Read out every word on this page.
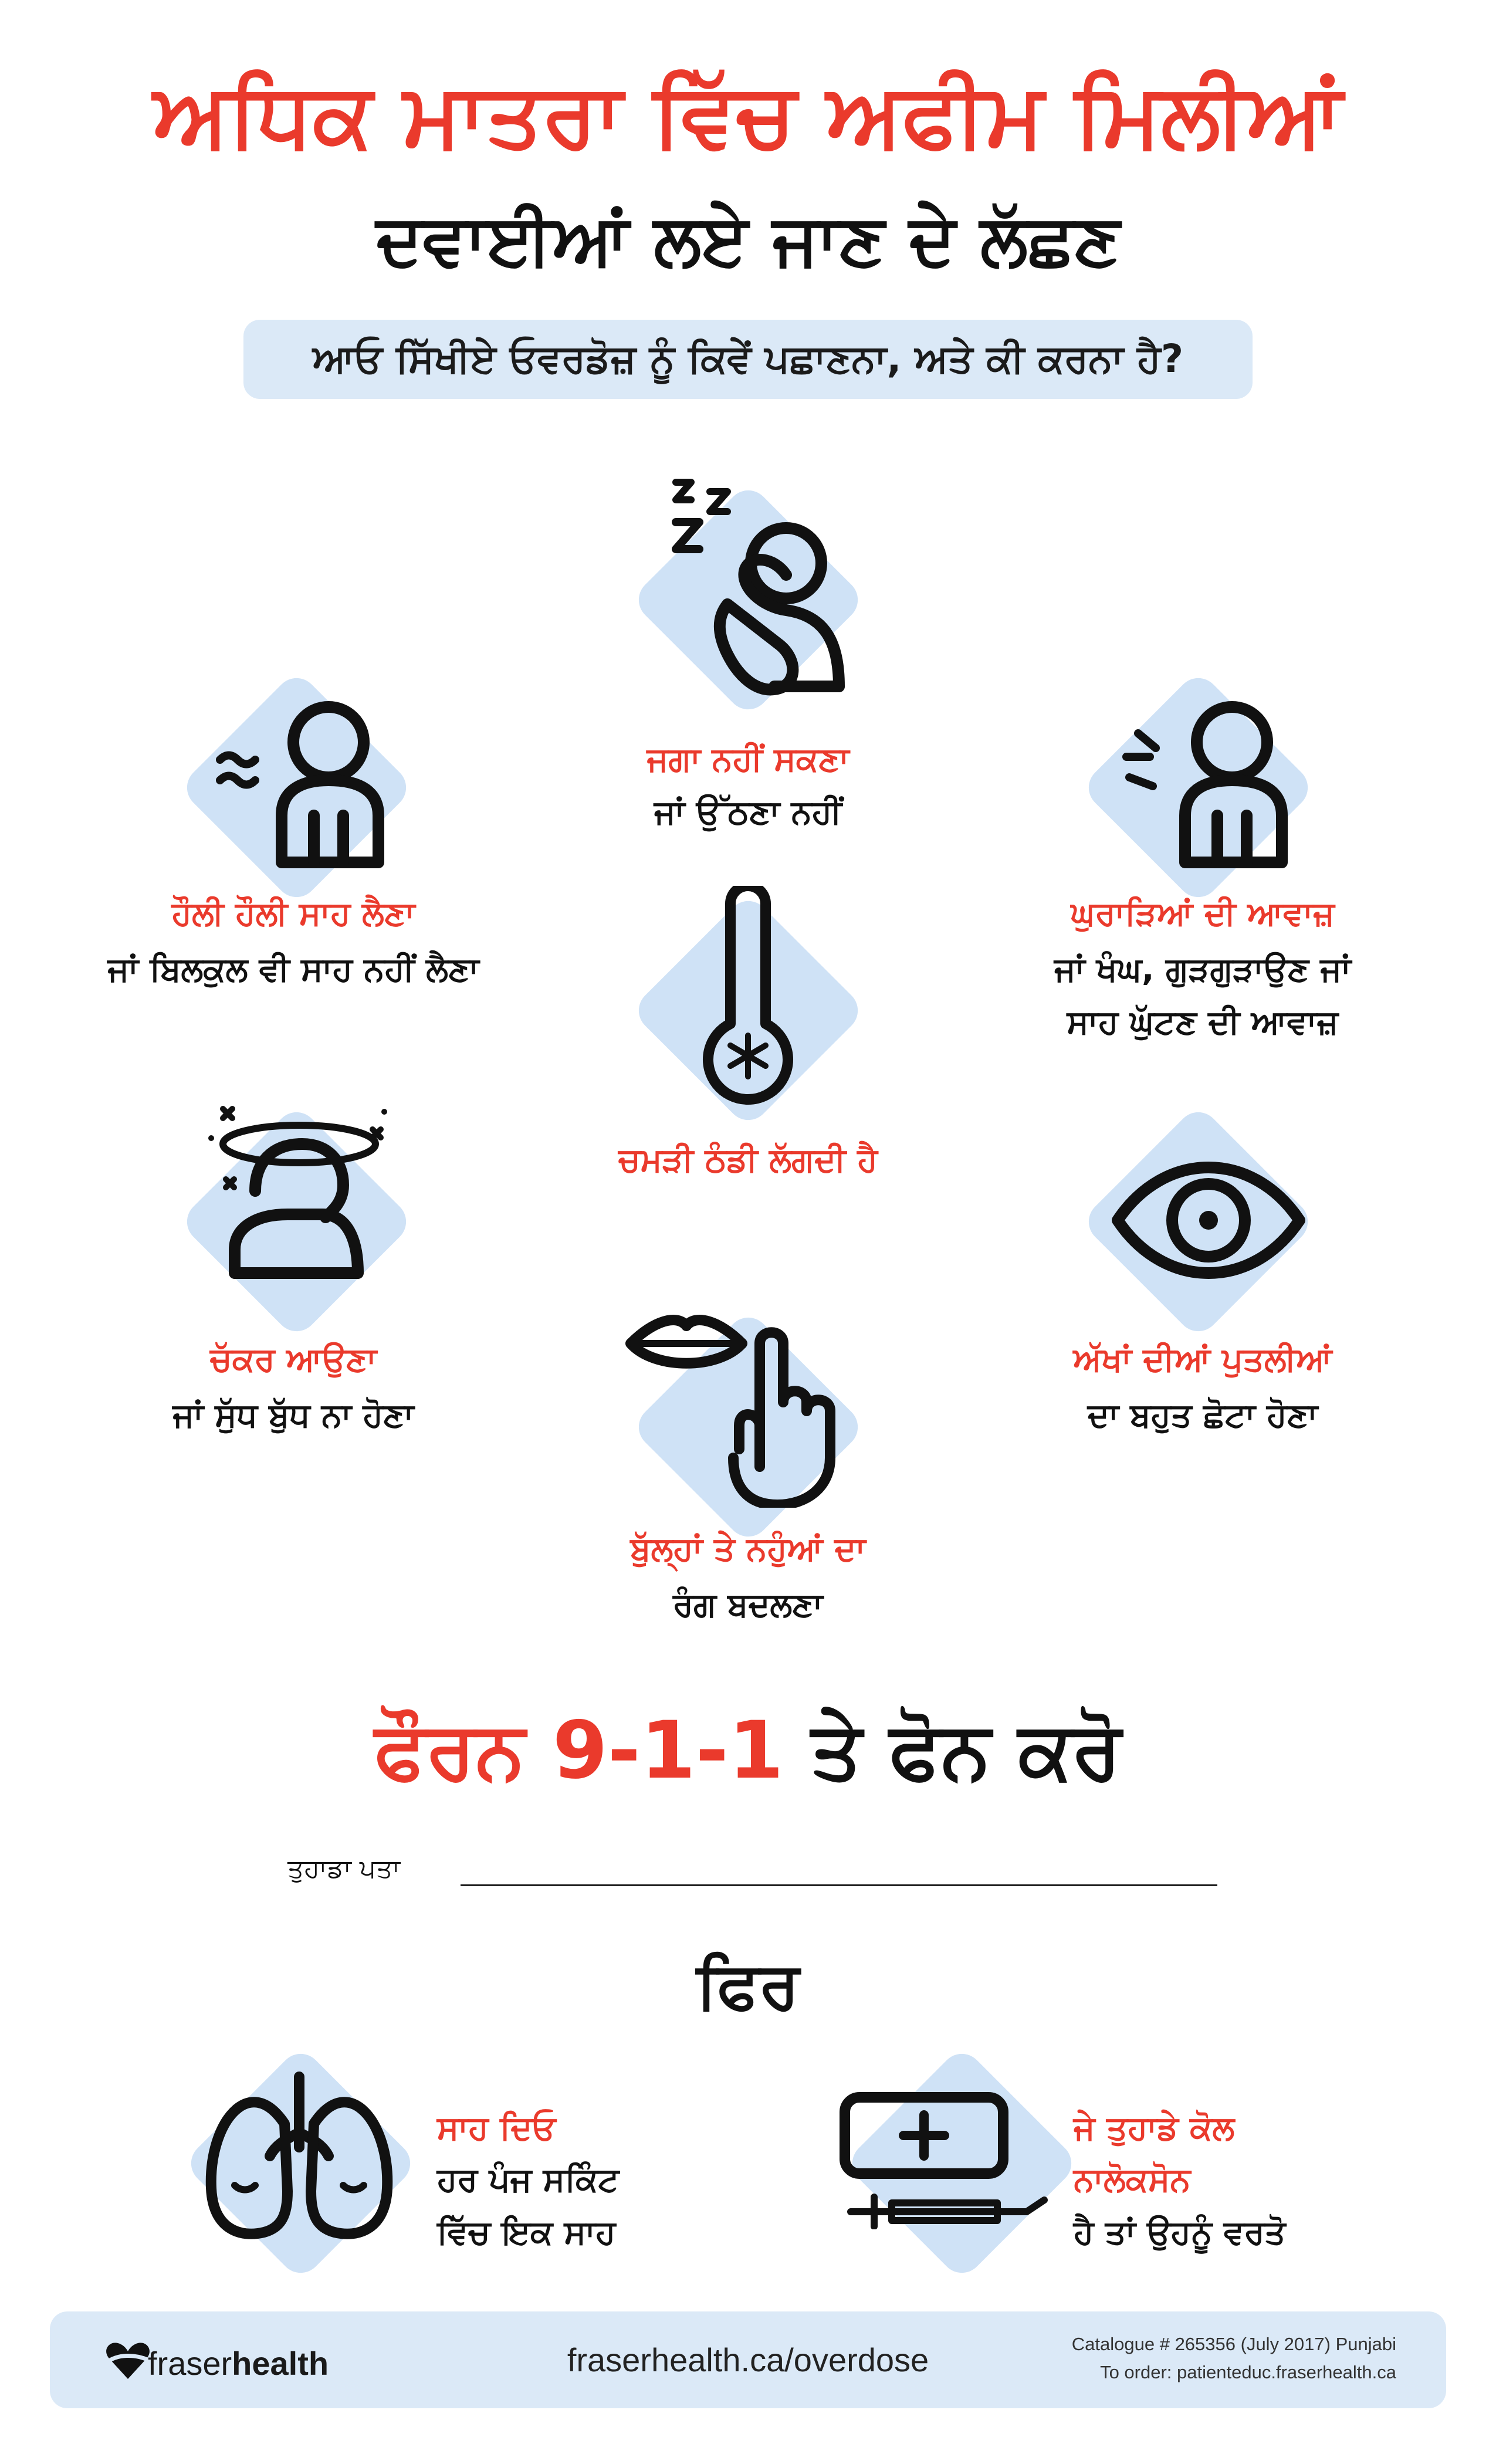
ਅਧਿਕ ਮਾਤਰਾ ਵਿੱਚ ਅਫੀਮ ਮਿਲੀਆਂ
ਦਵਾਈਆਂ ਲਏ ਜਾਣ ਦੇ ਲੱਛਣ
ਆਓ ਸਿੱਖੀਏ ਓਵਰਡੋਜ਼ ਨੂੰ ਕਿਵੇਂ ਪਛਾਣਨਾ, ਅਤੇ ਕੀ ਕਰਨਾ ਹੈ?
ਜਗਾ ਨਹੀਂ ਸਕਣਾ
ਜਾਂ ਉੱਠਣਾ ਨਹੀਂ
ਹੌਲੀ ਹੌਲੀ ਸਾਹ ਲੈਣਾ
ਜਾਂ ਬਿਲਕੁਲ ਵੀ ਸਾਹ ਨਹੀਂ ਲੈਣਾ
ਘੁਰਾੜਿਆਂ ਦੀ ਆਵਾਜ਼
ਜਾਂ ਖੰਘ, ਗੁੜਗੁੜਾਉਣ ਜਾਂ
ਸਾਹ ਘੁੱਟਣ ਦੀ ਆਵਾਜ਼
ਚਮੜੀ ਠੰਡੀ ਲੱਗਦੀ ਹੈ
ਚੱਕਰ ਆਉਣਾ
ਜਾਂ ਸੁੱਧ ਬੁੱਧ ਨਾ ਹੋਣਾ
ਅੱਖਾਂ ਦੀਆਂ ਪੁਤਲੀਆਂ
ਦਾ ਬਹੁਤ ਛੋਟਾ ਹੋਣਾ
ਬੁੱਲ੍ਹਾਂ ਤੇ ਨਹੁੰਆਂ ਦਾ
ਰੰਗ ਬਦਲਣਾ
ਫੌਰਨ 9-1-1 ਤੇ ਫੋਨ ਕਰੋ
ਤੁਹਾਡਾ ਪਤਾ
ਫਿਰ
ਸਾਹ ਦਿਓ
ਹਰ ਪੰਜ ਸਕਿੰਟ
ਵਿੱਚ ਇਕ ਸਾਹ
ਜੇ ਤੁਹਾਡੇ ਕੋਲ
ਨਾਲੋਕਸੋਨ
ਹੈ ਤਾਂ ਉਹਨੂੰ ਵਰਤੋ
fraserhealth	fraserhealth.ca/overdose	Catalogue # 265356 (July 2017) Punjabi
To order: patienteduc.fraserhealth.ca
